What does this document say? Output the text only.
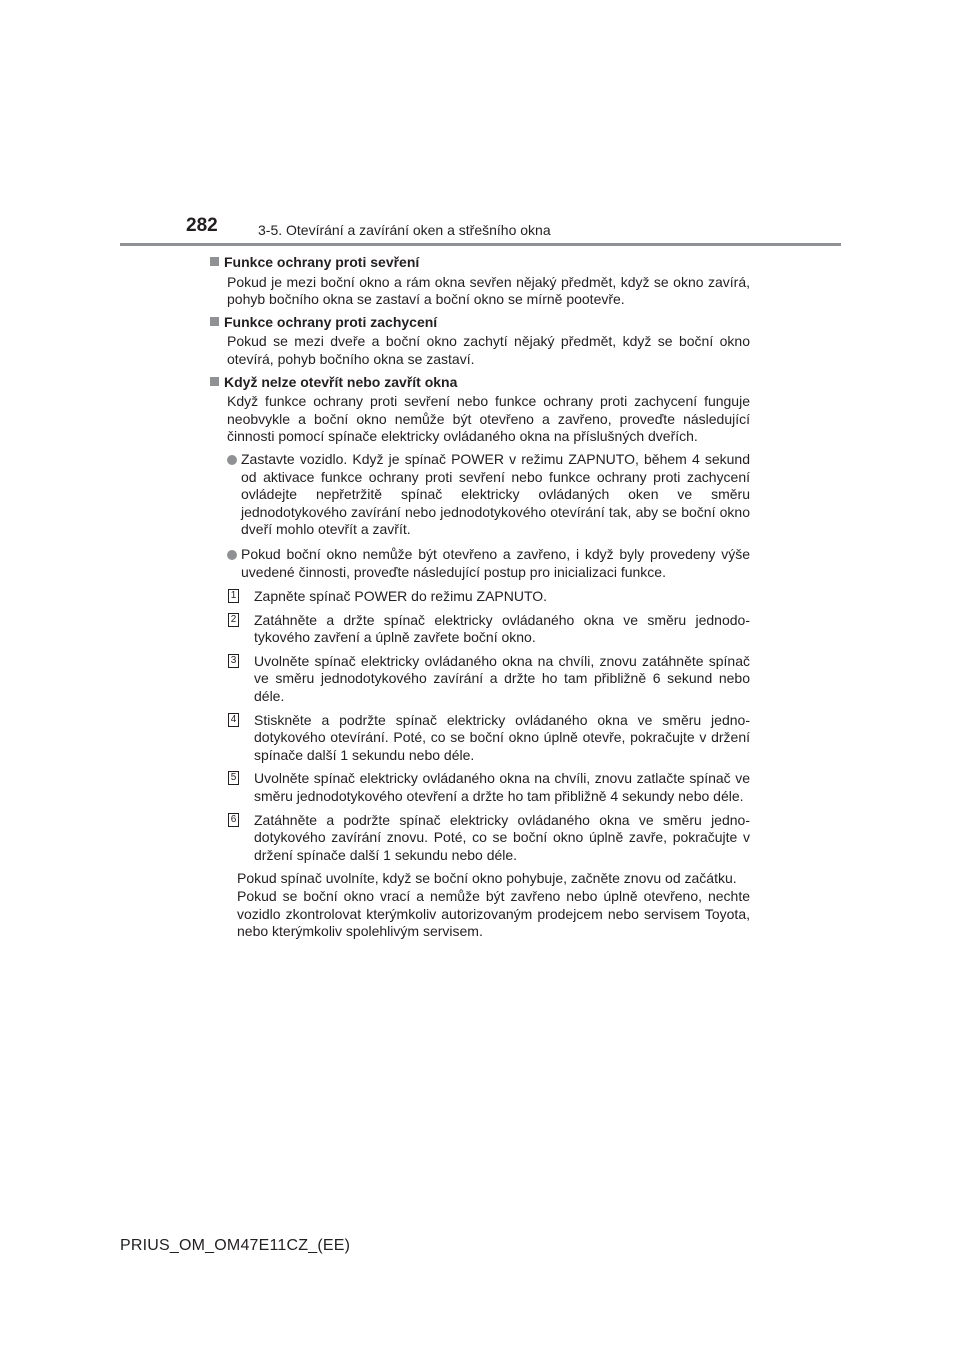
282	3-5. Otevírání a zavírání oken a střešního okna
Funkce ochrany proti sevření
Pokud je mezi boční okno a rám okna sevřen nějaký předmět, když se okno zavírá, pohyb bočního okna se zastaví a boční okno se mírně pootevře.
Funkce ochrany proti zachycení
Pokud se mezi dveře a boční okno zachytí nějaký předmět, když se boční okno otevírá, pohyb bočního okna se zastaví.
Když nelze otevřít nebo zavřít okna
Když funkce ochrany proti sevření nebo funkce ochrany proti zachycení funguje neobvykle a boční okno nemůže být otevřeno a zavřeno, proveďte následující činnosti pomocí spínače elektricky ovládaného okna na příslušných dveřích.
Zastavte vozidlo. Když je spínač POWER v režimu ZAPNUTO, během 4 sekund od aktivace funkce ochrany proti sevření nebo funkce ochrany proti zachycení ovládejte nepřetržitě spínač elektricky ovládaných oken ve směru jednodotykového zavírání nebo jednodotykového otevírání tak, aby se boční okno dveří mohlo otevřít a zavřít.
Pokud boční okno nemůže být otevřeno a zavřeno, i když byly provedeny výše uvedené činnosti, proveďte následující postup pro inicializaci funkce.
1 Zapněte spínač POWER do režimu ZAPNUTO.
2 Zatáhněte a držte spínač elektricky ovládaného okna ve směru jednodotykového zavření a úplně zavřete boční okno.
3 Uvolněte spínač elektricky ovládaného okna na chvíli, znovu zatáhněte spínač ve směru jednodotykového zavírání a držte ho tam přibližně 6 sekund nebo déle.
4 Stiskněte a podržte spínač elektricky ovládaného okna ve směru jednodotykového otevírání. Poté, co se boční okno úplně otevře, pokračujte v držení spínače další 1 sekundu nebo déle.
5 Uvolněte spínač elektricky ovládaného okna na chvíli, znovu zatlačte spínač ve směru jednodotykového otevření a držte ho tam přibližně 4 sekundy nebo déle.
6 Zatáhněte a podržte spínač elektricky ovládaného okna ve směru jednodotykového zavírání znovu. Poté, co se boční okno úplně zavře, pokračujte v držení spínače další 1 sekundu nebo déle.
Pokud spínač uvolníte, když se boční okno pohybuje, začněte znovu od začátku.
Pokud se boční okno vrací a nemůže být zavřeno nebo úplně otevřeno, nechte vozidlo zkontrolovat kterýmkoliv autorizovaným prodejcem nebo servisem Toyota, nebo kterýmkoliv spolehlivým servisem.
PRIUS_OM_OM47E11CZ_(EE)
